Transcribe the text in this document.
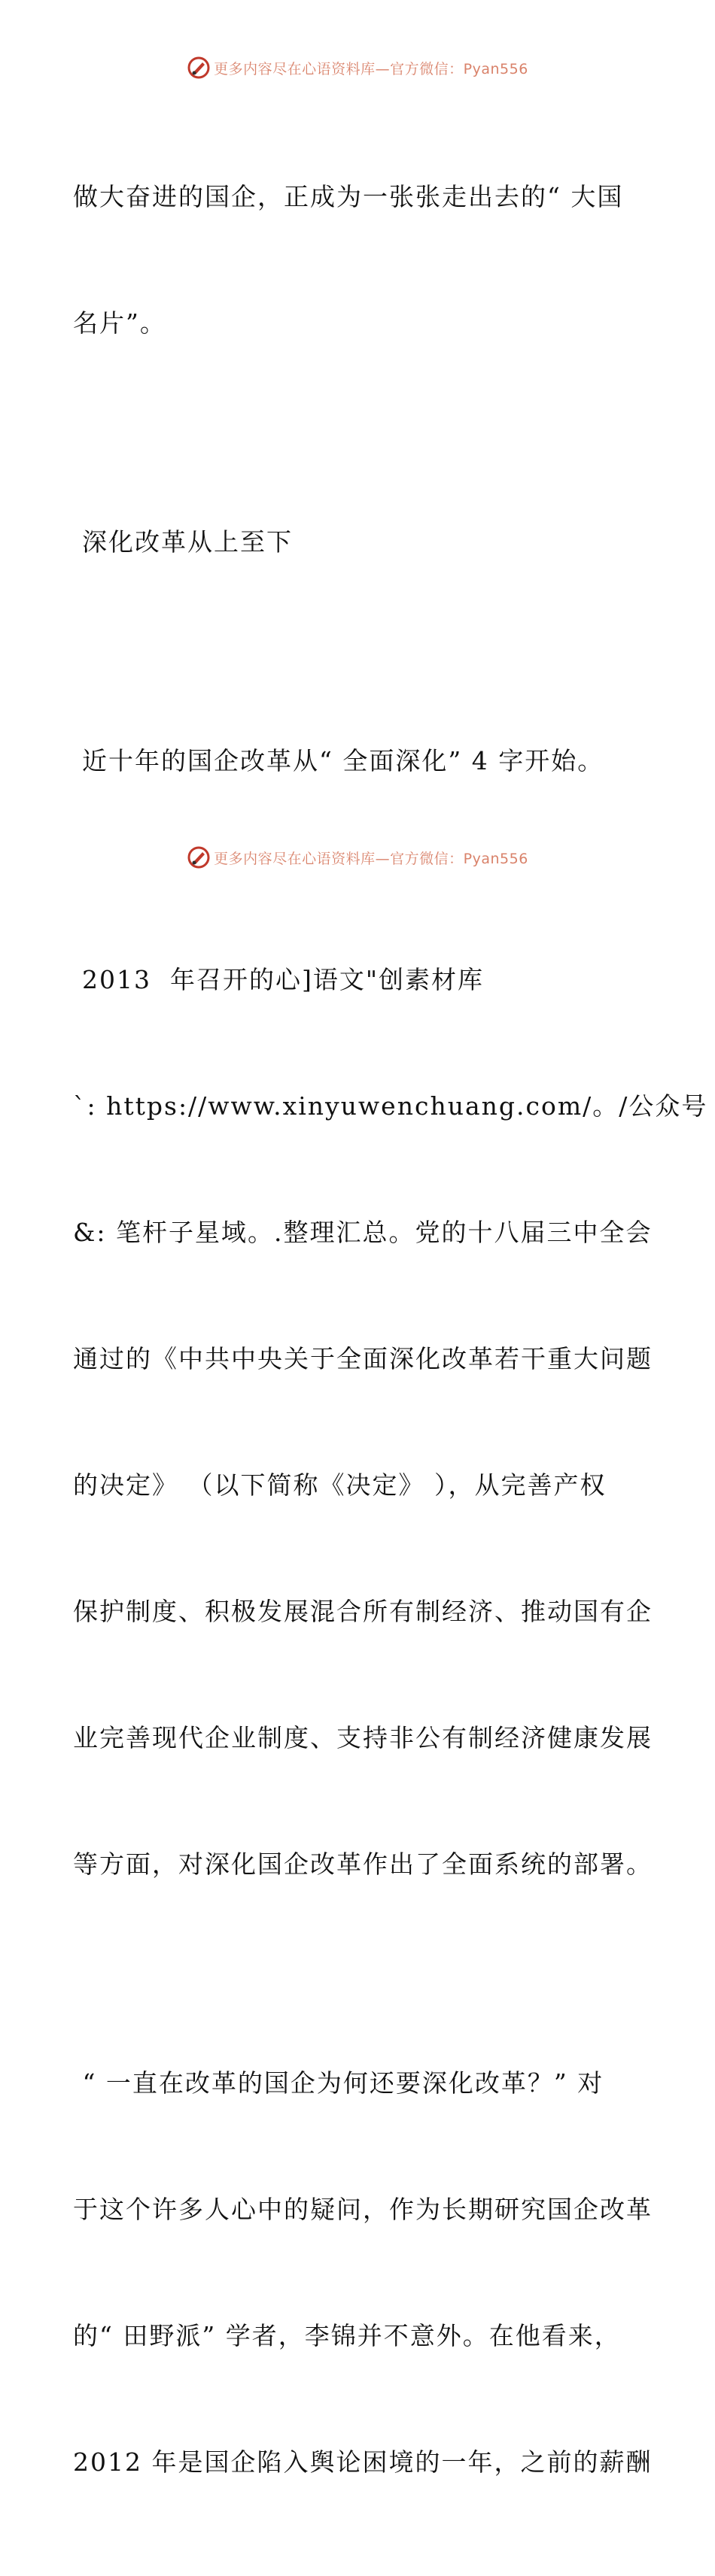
更多内容尽在心语资料库—官方微信：Pyan556

做大奋进的国企，正成为一张张走出去的“ 大国

名片”。

深化改革从上至下

近十年的国企改革从“ 全面深化” 4 字开始。

2013  年召开的心]语文"创素材库

`: https://www.xinyuwenchuang.com/。/公众号

&: 笔杆子星域。.整理汇总。党的十八届三中全会

通过的《中共中央关于全面深化改革若干重大问题

的决定》 （以下简称《决定》 ），从完善产权

保护制度、积极发展混合所有制经济、推动国有企

业完善现代企业制度、支持非公有制经济健康发展

等方面，对深化国企改革作出了全面系统的部署。

“ 一直在改革的国企为何还要深化改革？” 对

于这个许多人心中的疑问，作为长期研究国企改革

的“ 田野派” 学者，李锦并不意外。在他看来，

2012 年是国企陷入舆论困境的一年，之前的薪酬

更多内容尽在心语资料库—官方微信：Pyan556
